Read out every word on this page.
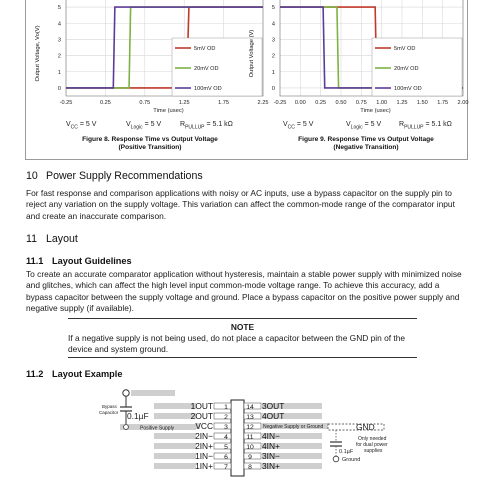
-0.25	0.25	0.75	1.25	1.75	2.25
0
1
2
3
4
5
5mV OD
20mV OD
100mV OD
Time (usec)
Output Voltage, Vo(V)
-0.25 0.00 0.25 0.50 0.75 1.00 1.25 1.50 1.75 2.00
0
1
2
3
4
5
5mV OD
20mV OD
100mV OD
Time (usec)
Output Voltage (V)
$V_{CC} = 5$ V	$V_{Logic} = 5$ V	$R_{PULLUP} = 5.1$ kΩ
Figure 8. Response Time vs Output Voltage
(Positive Transition)
$V_{CC} = 5$ V	$V_{Logic} = 5$ V	$R_{PULLUP} = 5.1$ kΩ
Figure 9. Response Time vs Output Voltage
(Negative Transition)
10 Power Supply Recommendations
For fast response and comparison applications with noisy or AC inputs, use a bypass capacitor on the supply pin to reject any variation on the supply voltage. This variation can affect the common-mode range of the comparator input and create an inaccurate comparison.
11 Layout
11.1 Layout Guidelines
To create an accurate comparator application without hysteresis, maintain a stable power supply with minimized noise and glitches, which can affect the high level input common-mode voltage range. To achieve this accuracy, add a bypass capacitor between the supply voltage and ground. Place a bypass capacitor on the positive power supply and negative supply (if available).
NOTE
If a negative supply is not being used, do not place a capacitor between the GND pin of the device and system ground.
11.2 Layout Example
Bypass
Capacitor 0.1µF
Positive Supply
1OUT
2OUT
VCC
2IN−
2IN+
1IN−
1IN+
3OUT
4OUT
Negative Supply or Ground
4IN−
4IN+
3IN−
3IN+
1
2
3
4
5
6
7
14
13
12
11
10
9
8
GND
0.1µF
Ground
Only needed
for dual power
supplies
